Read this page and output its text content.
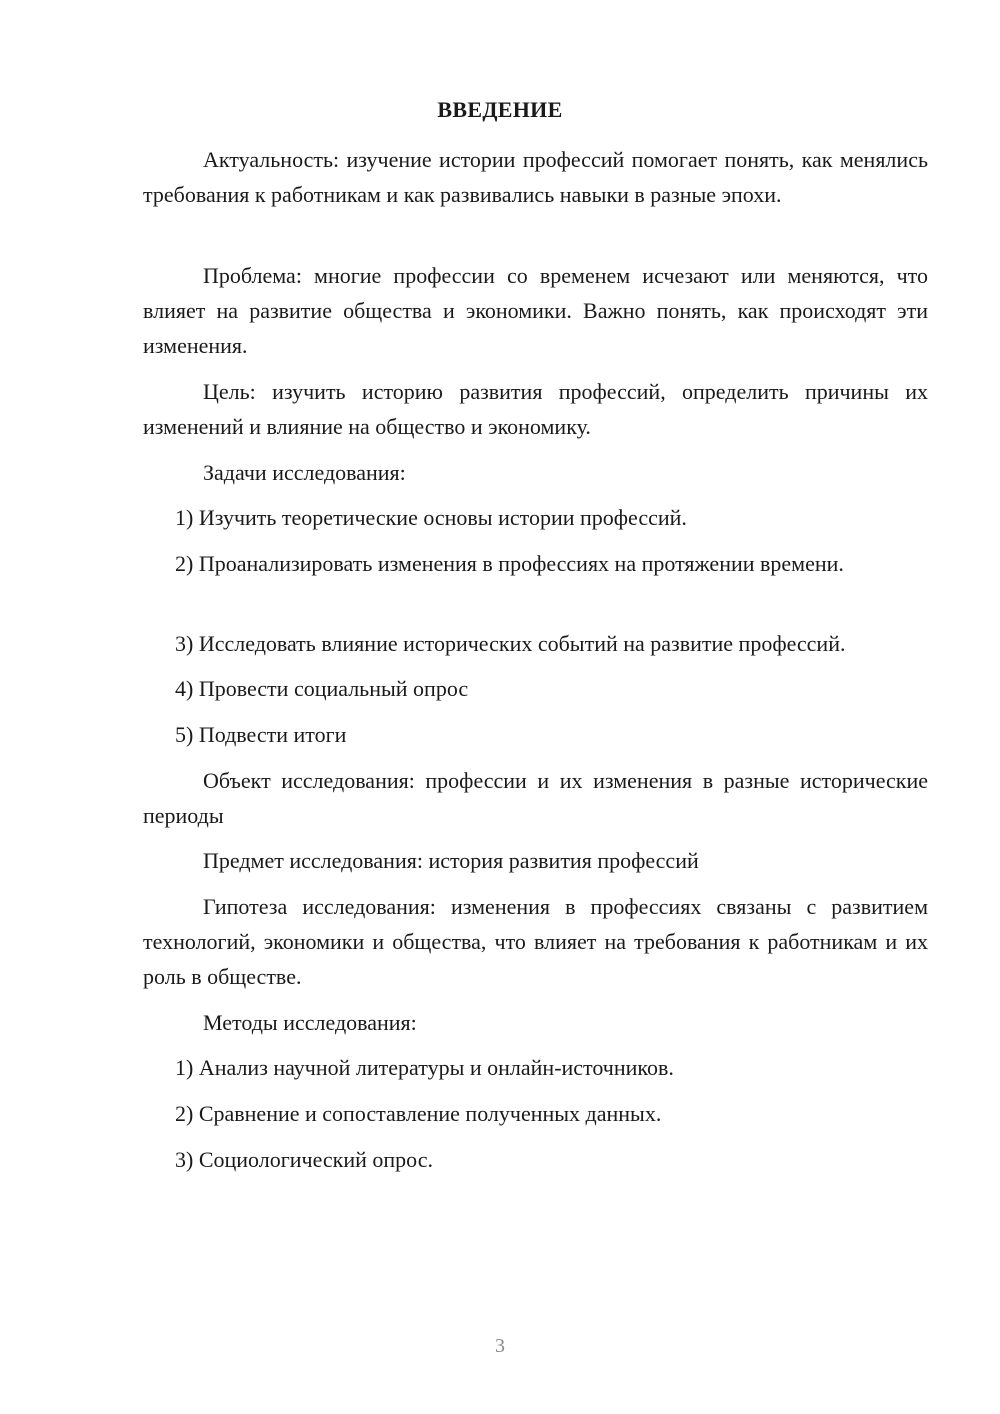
ВВЕДЕНИЕ

Актуальность: изучение истории профессий помогает понять, как менялись требования к работникам и как развивались навыки в разные эпохи.

Проблема: многие профессии со временем исчезают или меняются, что влияет на развитие общества и экономики. Важно понять, как происходят эти изменения.

Цель: изучить историю развития профессий, определить причины их изменений и влияние на общество и экономику.

Задачи исследования:

1) Изучить теоретические основы истории профессий.

2) Проанализировать изменения в профессиях на протяжении времени.

3) Исследовать влияние исторических событий на развитие профессий.

4) Провести социальный опрос

5) Подвести итоги

Объект исследования: профессии и их изменения в разные исторические периоды

Предмет исследования: история развития профессий

Гипотеза исследования: изменения в профессиях связаны с развитием технологий, экономики и общества, что влияет на требования к работникам и их роль в обществе.

Методы исследования:

1) Анализ научной литературы и онлайн-источников.

2) Сравнение и сопоставление полученных данных.

3) Социологический опрос.

3
